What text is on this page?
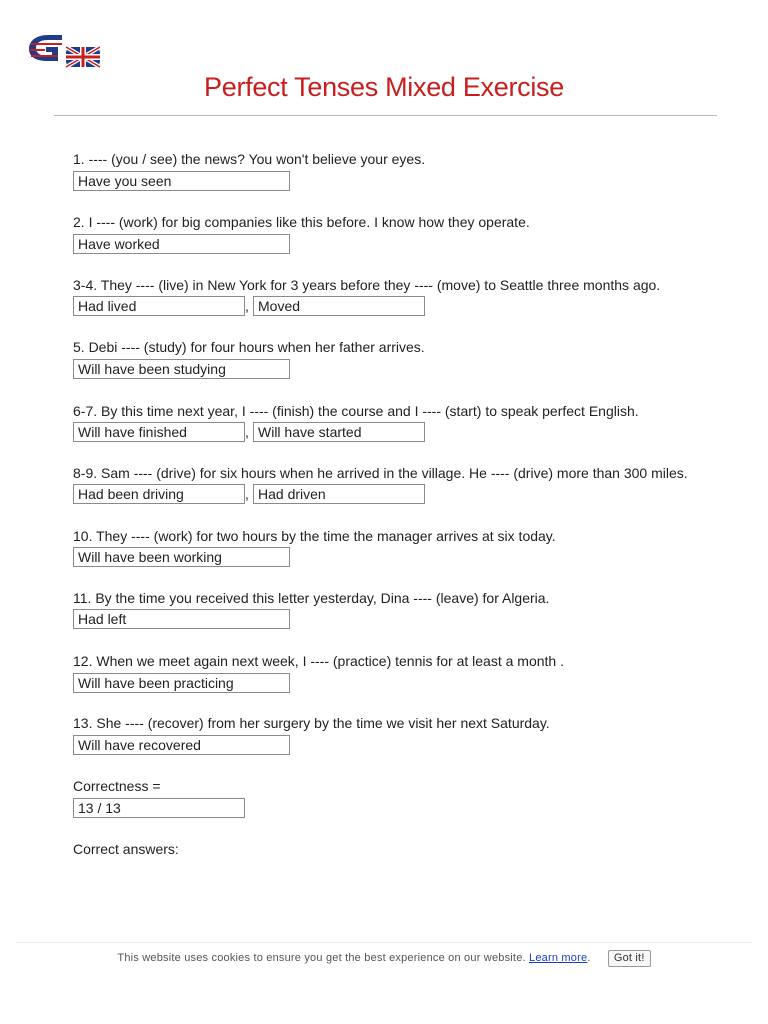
Perfect Tenses Mixed Exercise
1. ---- (you / see) the news? You won't believe your eyes.
Have you seen
2. I ---- (work) for big companies like this before. I know how they operate.
Have worked
3-4. They ---- (live) in New York for 3 years before they ---- (move) to Seattle three months ago.
Had lived	, Moved
5. Debi ---- (study) for four hours when her father arrives.
Will have been studying
6-7. By this time next year, I ---- (finish) the course and I ---- (start) to speak perfect English.
Will have finished	, Will have started
8-9. Sam ---- (drive) for six hours when he arrived in the village. He ---- (drive) more than 300 miles.
Had been driving	, Had driven
10. They ---- (work) for two hours by the time the manager arrives at six today.
Will have been working
11. By the time you received this letter yesterday, Dina ---- (leave) for Algeria.
Had left
12. When we meet again next week, I ---- (practice) tennis for at least a month .
Will have been practicing
13. She ---- (recover) from her surgery by the time we visit her next Saturday.
Will have recovered
Correctness =
13 / 13
Correct answers:
This website uses cookies to ensure you get the best experience on our website. Learn more. Got it!
